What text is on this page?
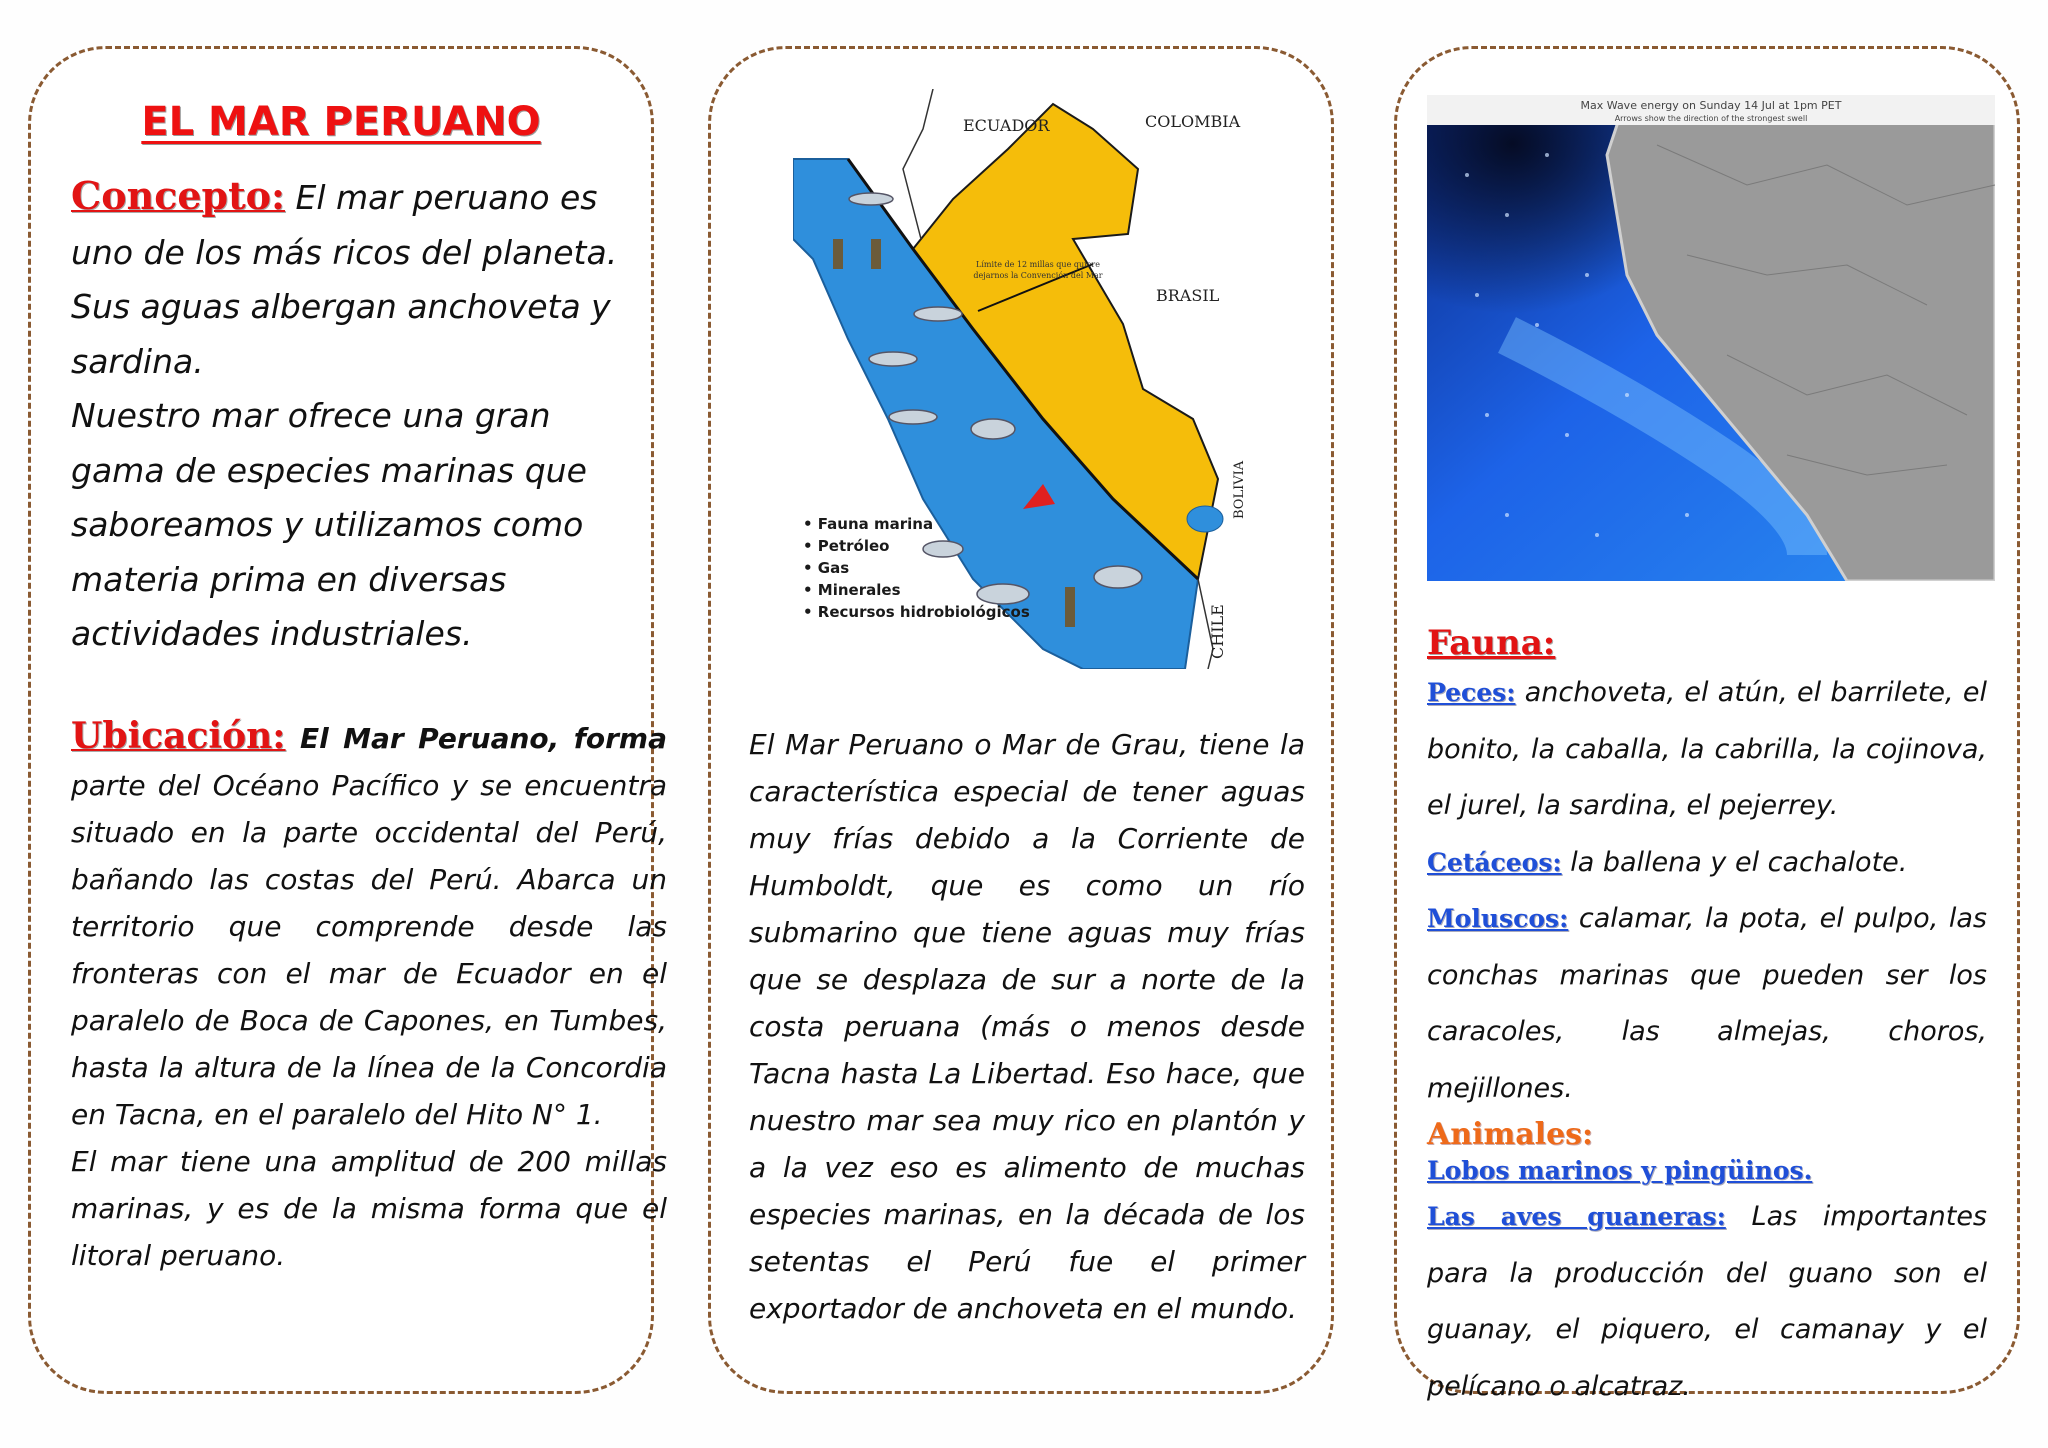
EL MAR PERUANO
Concepto: El mar peruano es uno de los más ricos del planeta. Sus aguas albergan anchoveta y sardina.
Nuestro mar ofrece una gran gama de especies marinas que saboreamos y utilizamos como materia prima en diversas actividades industriales.
Ubicación: El Mar Peruano, forma
parte del Océano Pacífico y se encuentra situado en la parte occidental del Perú, bañando las costas del Perú. Abarca un territorio que comprende desde las fronteras con el mar de Ecuador en el paralelo de Boca de Capones, en Tumbes, hasta la altura de la línea de la Concordia en Tacna, en el paralelo del Hito N° 1.
El mar tiene una amplitud de 200 millas marinas, y es de la misma forma que el litoral peruano.
ECUADOR	COLOMBIA
BRASIL
BOLIVIA
CHILE
Límite de 12 millas que quiere
dejarnos la Convención del Mar
Límite de 200 millas
del
Mar De Grau
• Fauna marina
• Petróleo
• Gas
• Minerales
• Recursos hidrobiológicos
El Mar Peruano o Mar de Grau, tiene la característica especial de tener aguas muy frías debido a la Corriente de Humboldt, que es como un río submarino que tiene aguas muy frías que se desplaza de sur a norte de la costa peruana (más o menos desde Tacna hasta La Libertad. Eso hace, que nuestro mar sea muy rico en plantón y a la vez eso es alimento de muchas especies marinas, en la década de los setentas el Perú fue el primer exportador de anchoveta en el mundo.
Max Wave energy on Sunday 14 Jul at 1pm PET
Arrows show the direction of the strongest swell
Fauna:
Peces: anchoveta, el atún, el barrilete, el bonito, la caballa, la cabrilla, la cojinova, el jurel, la sardina, el pejerrey.
Cetáceos: la ballena y el cachalote.
Moluscos: calamar, la pota, el pulpo, las conchas marinas que pueden ser los caracoles, las almejas, choros, mejillones.
Animales:
Lobos marinos y pingüinos.
Las aves guaneras: Las importantes para la producción del guano son el guanay, el piquero, el camanay y el pelícano o alcatraz.
